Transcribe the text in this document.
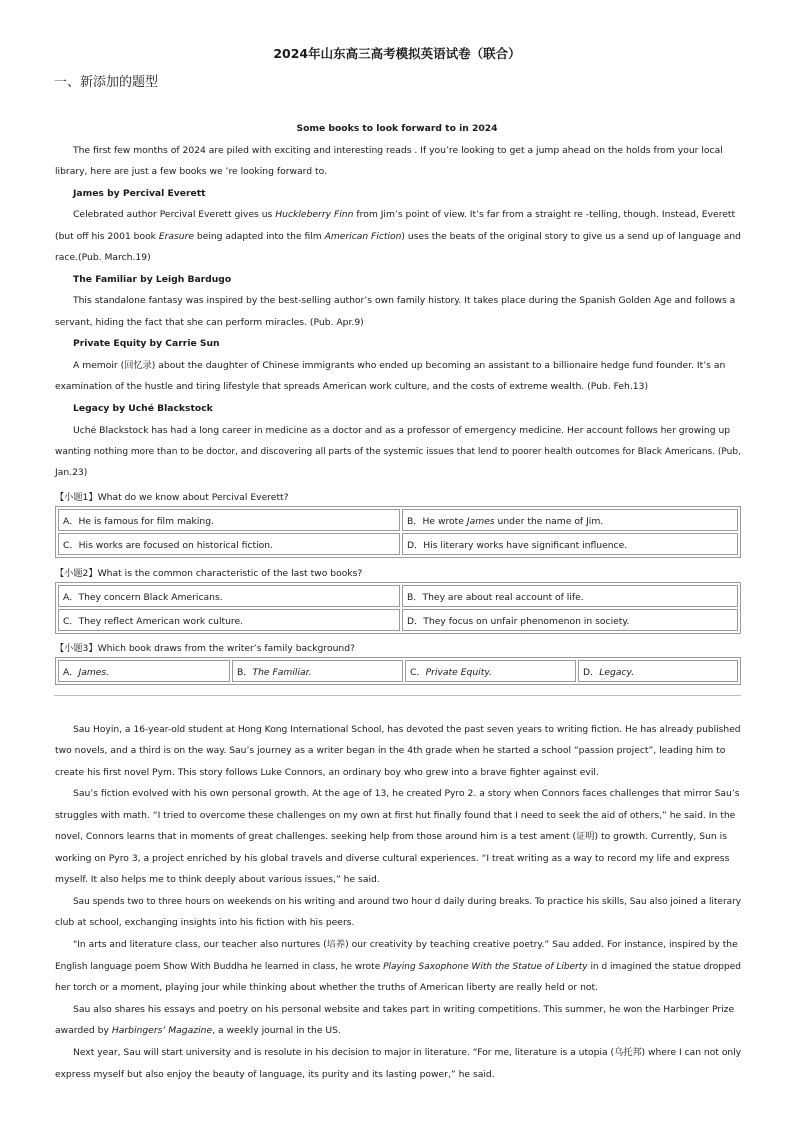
2024年山东高三高考模拟英语试卷（联合）
一、新添加的题型
Some books to look forward to in 2024
The first few months of 2024 are piled with exciting and interesting reads . If you’re looking to get a jump ahead on the holds from your local
library, here are just a few books we ’re looking forward to.
James by Percival Everett
Celebrated author Percival Everett gives us Huckleberry Finn from Jim’s point of view. It’s far from a straight re -telling, though. Instead, Everett
(but off his 2001 book Erasure being adapted into the film American Fiction) uses the beats of the original story to give us a send up of language and
race.(Pub. March.19)
The Familiar by Leigh Bardugo
This standalone fantasy was inspired by the best-selling author’s own family history. It takes place during the Spanish Golden Age and follows a
servant, hiding the fact that she can perform miracles. (Pub. Apr.9)
Private Equity by Carrie Sun
A memoir (回忆录) about the daughter of Chinese immigrants who ended up becoming an assistant to a billionaire hedge fund founder. It’s an
examination of the hustle and tiring lifestyle that spreads American work culture, and the costs of extreme wealth. (Pub. Feh.13)
Legacy by Uché Blackstock
Uché Blackstock has had a long career in medicine as a doctor and as a professor of emergency medicine. Her account follows her growing up
wanting nothing more than to be doctor, and discovering all parts of the systemic issues that lend to poorer health outcomes for Black Americans. (Pub,
Jan.23)
【小题1】What do we know about Percival Everett?
A．He is famous for film making.	B．He wrote James under the name of Jim.
C．His works are focused on historical fiction.	D．His literary works have significant influence.
【小题2】What is the common characteristic of the last two books?
A．They concern Black Americans.	B．They are about real account of life.
C．They reflect American work culture.	D．They focus on unfair phenomenon in society.
【小题3】Which book draws from the writer’s family background?
A．James.	B．The Familiar.	C．Private Equity.	D．Legacy.
Sau Hoyin, a 16-year-old student at Hong Kong International School, has devoted the past seven years to writing fiction. He has already published
two novels, and a third is on the way. Sau’s journey as a writer began in the 4th grade when he started a school “passion project”, leading him to
create his first novel Pym. This story follows Luke Connors, an ordinary boy who grew into a brave fighter against evil.
Sau’s fiction evolved with his own personal growth. At the age of 13, he created Pyro 2. a story when Connors faces challenges that mirror Sau’s
struggles with math. “I tried to overcome these challenges on my own at first hut finally found that I need to seek the aid of others,” he said. In the
novel, Connors learns that in moments of great challenges. seeking help from those around him is a test ament (证明) to growth. Currently, Sun is
working on Pyro 3, a project enriched by his global travels and diverse cultural experiences. “I treat writing as a way to record my life and express
myself. It also helps me to think deeply about various issues,” he said.
Sau spends two to three hours on weekends on his writing and around two hour d daily during breaks. To practice his skills, Sau also joined a literary
club at school, exchanging insights into his fiction with his peers.
"In arts and literature class, our teacher also nurtures (培养) our creativity by teaching creative poetry.” Sau added. For instance, inspired by the
English language poem Show With Buddha he learned in class, he wrote Playing Saxophone With the Statue of Liberty in d imagined the statue dropped
her torch or a moment, playing jour while thinking about whether the truths of American liberty are really held or not.
Sau also shares his essays and poetry on his personal website and takes part in writing competitions. This summer, he won the Harbinger Prize
awarded by Harbingers’ Magazine, a weekly journal in the US.
Next year, Sau will start university and is resolute in his decision to major in literature. “For me, literature is a utopia (乌托邦) where I can not only
express myself but also enjoy the beauty of language, its purity and its lasting power,” he said.
